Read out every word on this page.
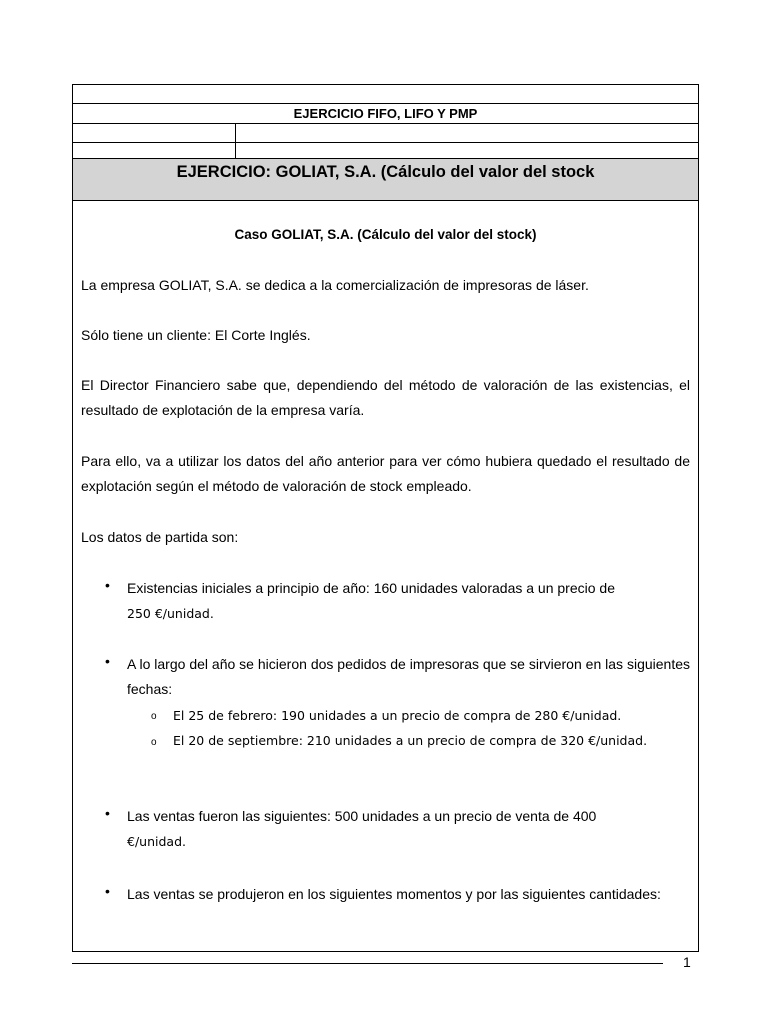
EJERCICIO FIFO, LIFO Y PMP
EJERCICIO: GOLIAT, S.A. (Cálculo del valor del stock
Caso GOLIAT, S.A. (Cálculo del valor del stock)
La empresa GOLIAT, S.A. se dedica a la comercialización de impresoras de láser.
Sólo tiene un cliente: El Corte Inglés.
El Director Financiero sabe que, dependiendo del método de valoración de las existencias, el resultado de explotación de la empresa varía.
Para ello, va a utilizar los datos del año anterior para ver cómo hubiera quedado el resultado de explotación según el método de valoración de stock empleado.
Los datos de partida son:
• Existencias iniciales a principio de año: 160 unidades valoradas a un precio de
250 €/unidad.
• A lo largo del año se hicieron dos pedidos de impresoras que se sirvieron en las siguientes fechas:
o El 25 de febrero: 190 unidades a un precio de compra de 280 €/unidad.
o El 20 de septiembre: 210 unidades a un precio de compra de 320 €/unidad.
• Las ventas fueron las siguientes: 500 unidades a un precio de venta de 400
€/unidad.
• Las ventas se produjeron en los siguientes momentos y por las siguientes cantidades:
1
